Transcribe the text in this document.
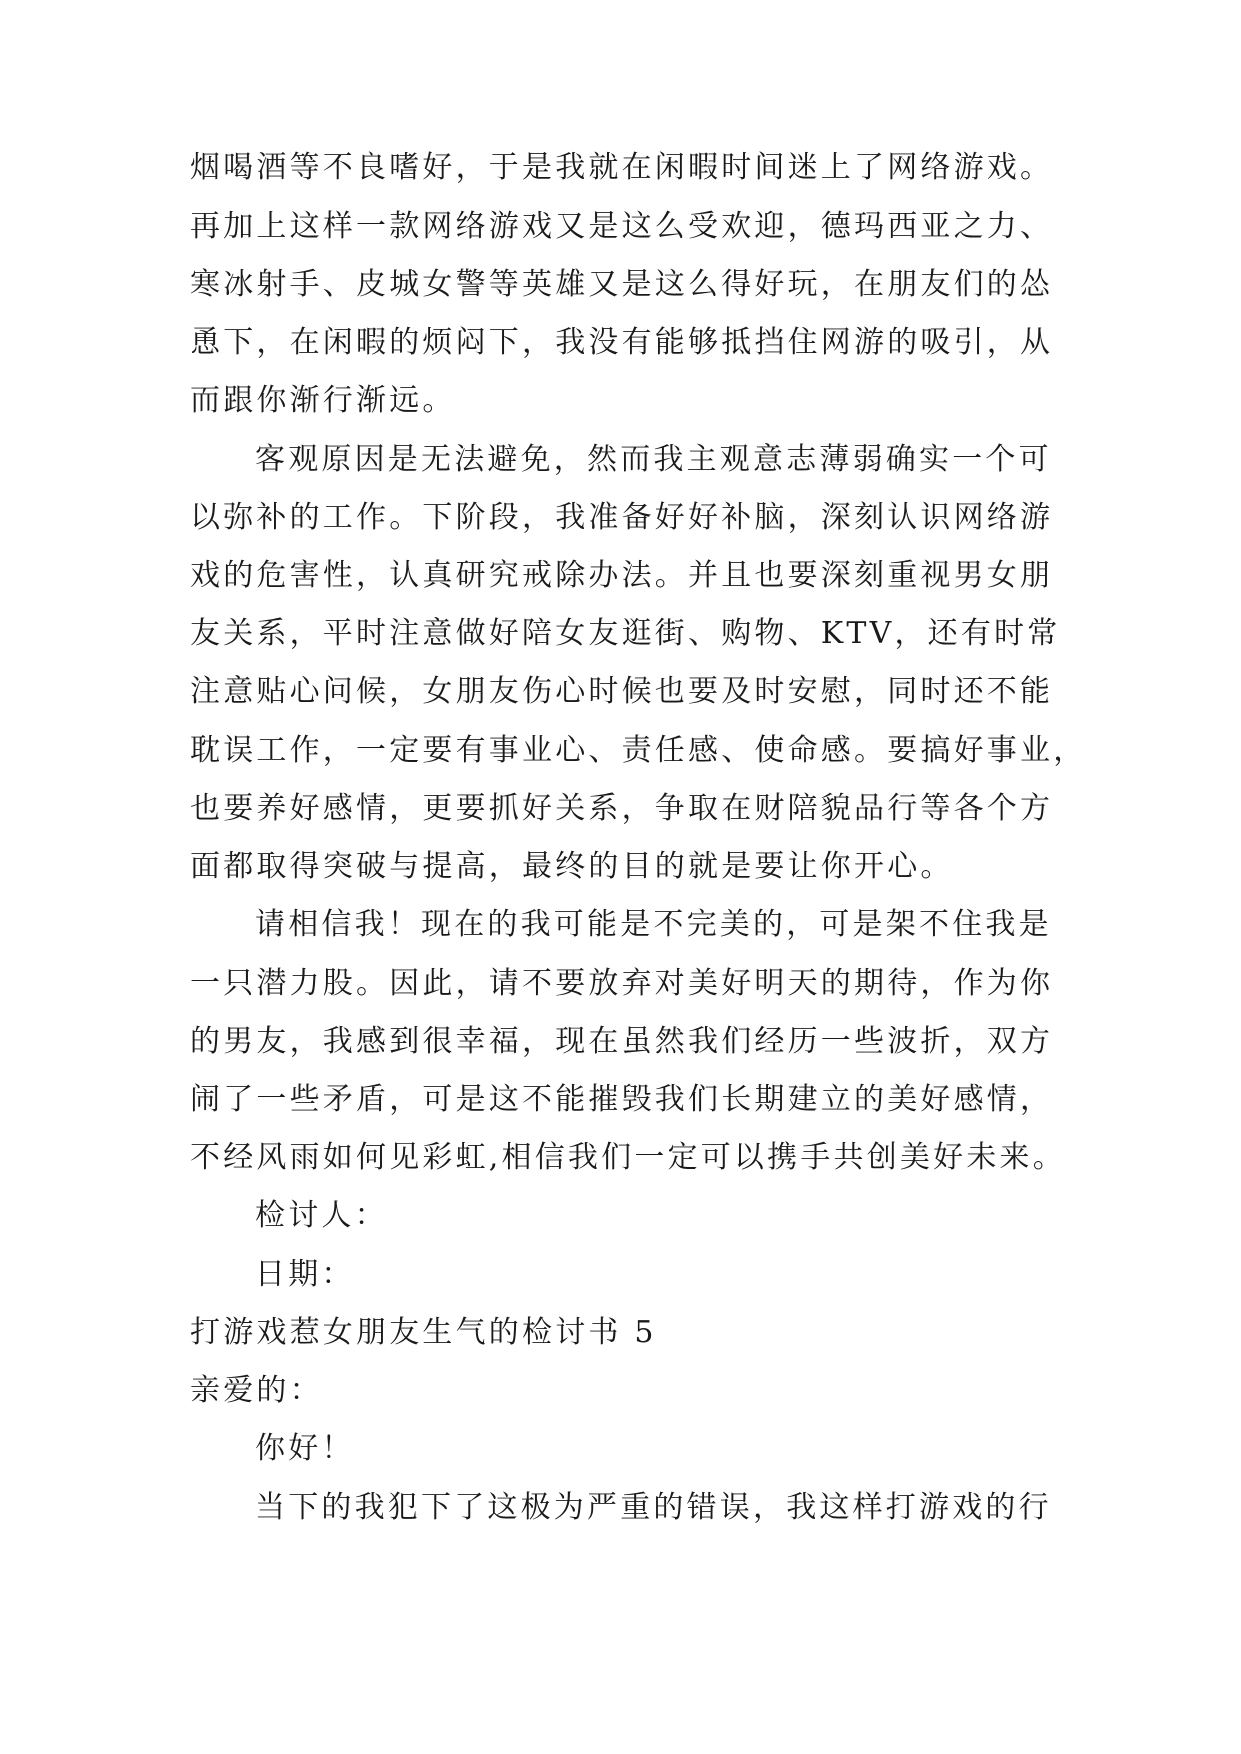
烟喝酒等不良嗜好，于是我就在闲暇时间迷上了网络游戏。
再加上这样一款网络游戏又是这么受欢迎，德玛西亚之力、
寒冰射手、皮城女警等英雄又是这么得好玩，在朋友们的怂
恿下，在闲暇的烦闷下，我没有能够抵挡住网游的吸引，从
而跟你渐行渐远。
客观原因是无法避免，然而我主观意志薄弱确实一个可
以弥补的工作。下阶段，我准备好好补脑，深刻认识网络游
戏的危害性，认真研究戒除办法。并且也要深刻重视男女朋
友关系，平时注意做好陪女友逛街、购物、KTV，还有时常
注意贴心问候，女朋友伤心时候也要及时安慰，同时还不能
耽误工作，一定要有事业心、责任感、使命感。要搞好事业，
也要养好感情，更要抓好关系，争取在财陪貌品行等各个方
面都取得突破与提高，最终的目的就是要让你开心。
请相信我！现在的我可能是不完美的，可是架不住我是
一只潜力股。因此，请不要放弃对美好明天的期待，作为你
的男友，我感到很幸福，现在虽然我们经历一些波折，双方
闹了一些矛盾，可是这不能摧毁我们长期建立的美好感情，
不经风雨如何见彩虹,相信我们一定可以携手共创美好未来。
检讨人：
日期：
打游戏惹女朋友生气的检讨书 5
亲爱的：
你好！
当下的我犯下了这极为严重的错误，我这样打游戏的行
